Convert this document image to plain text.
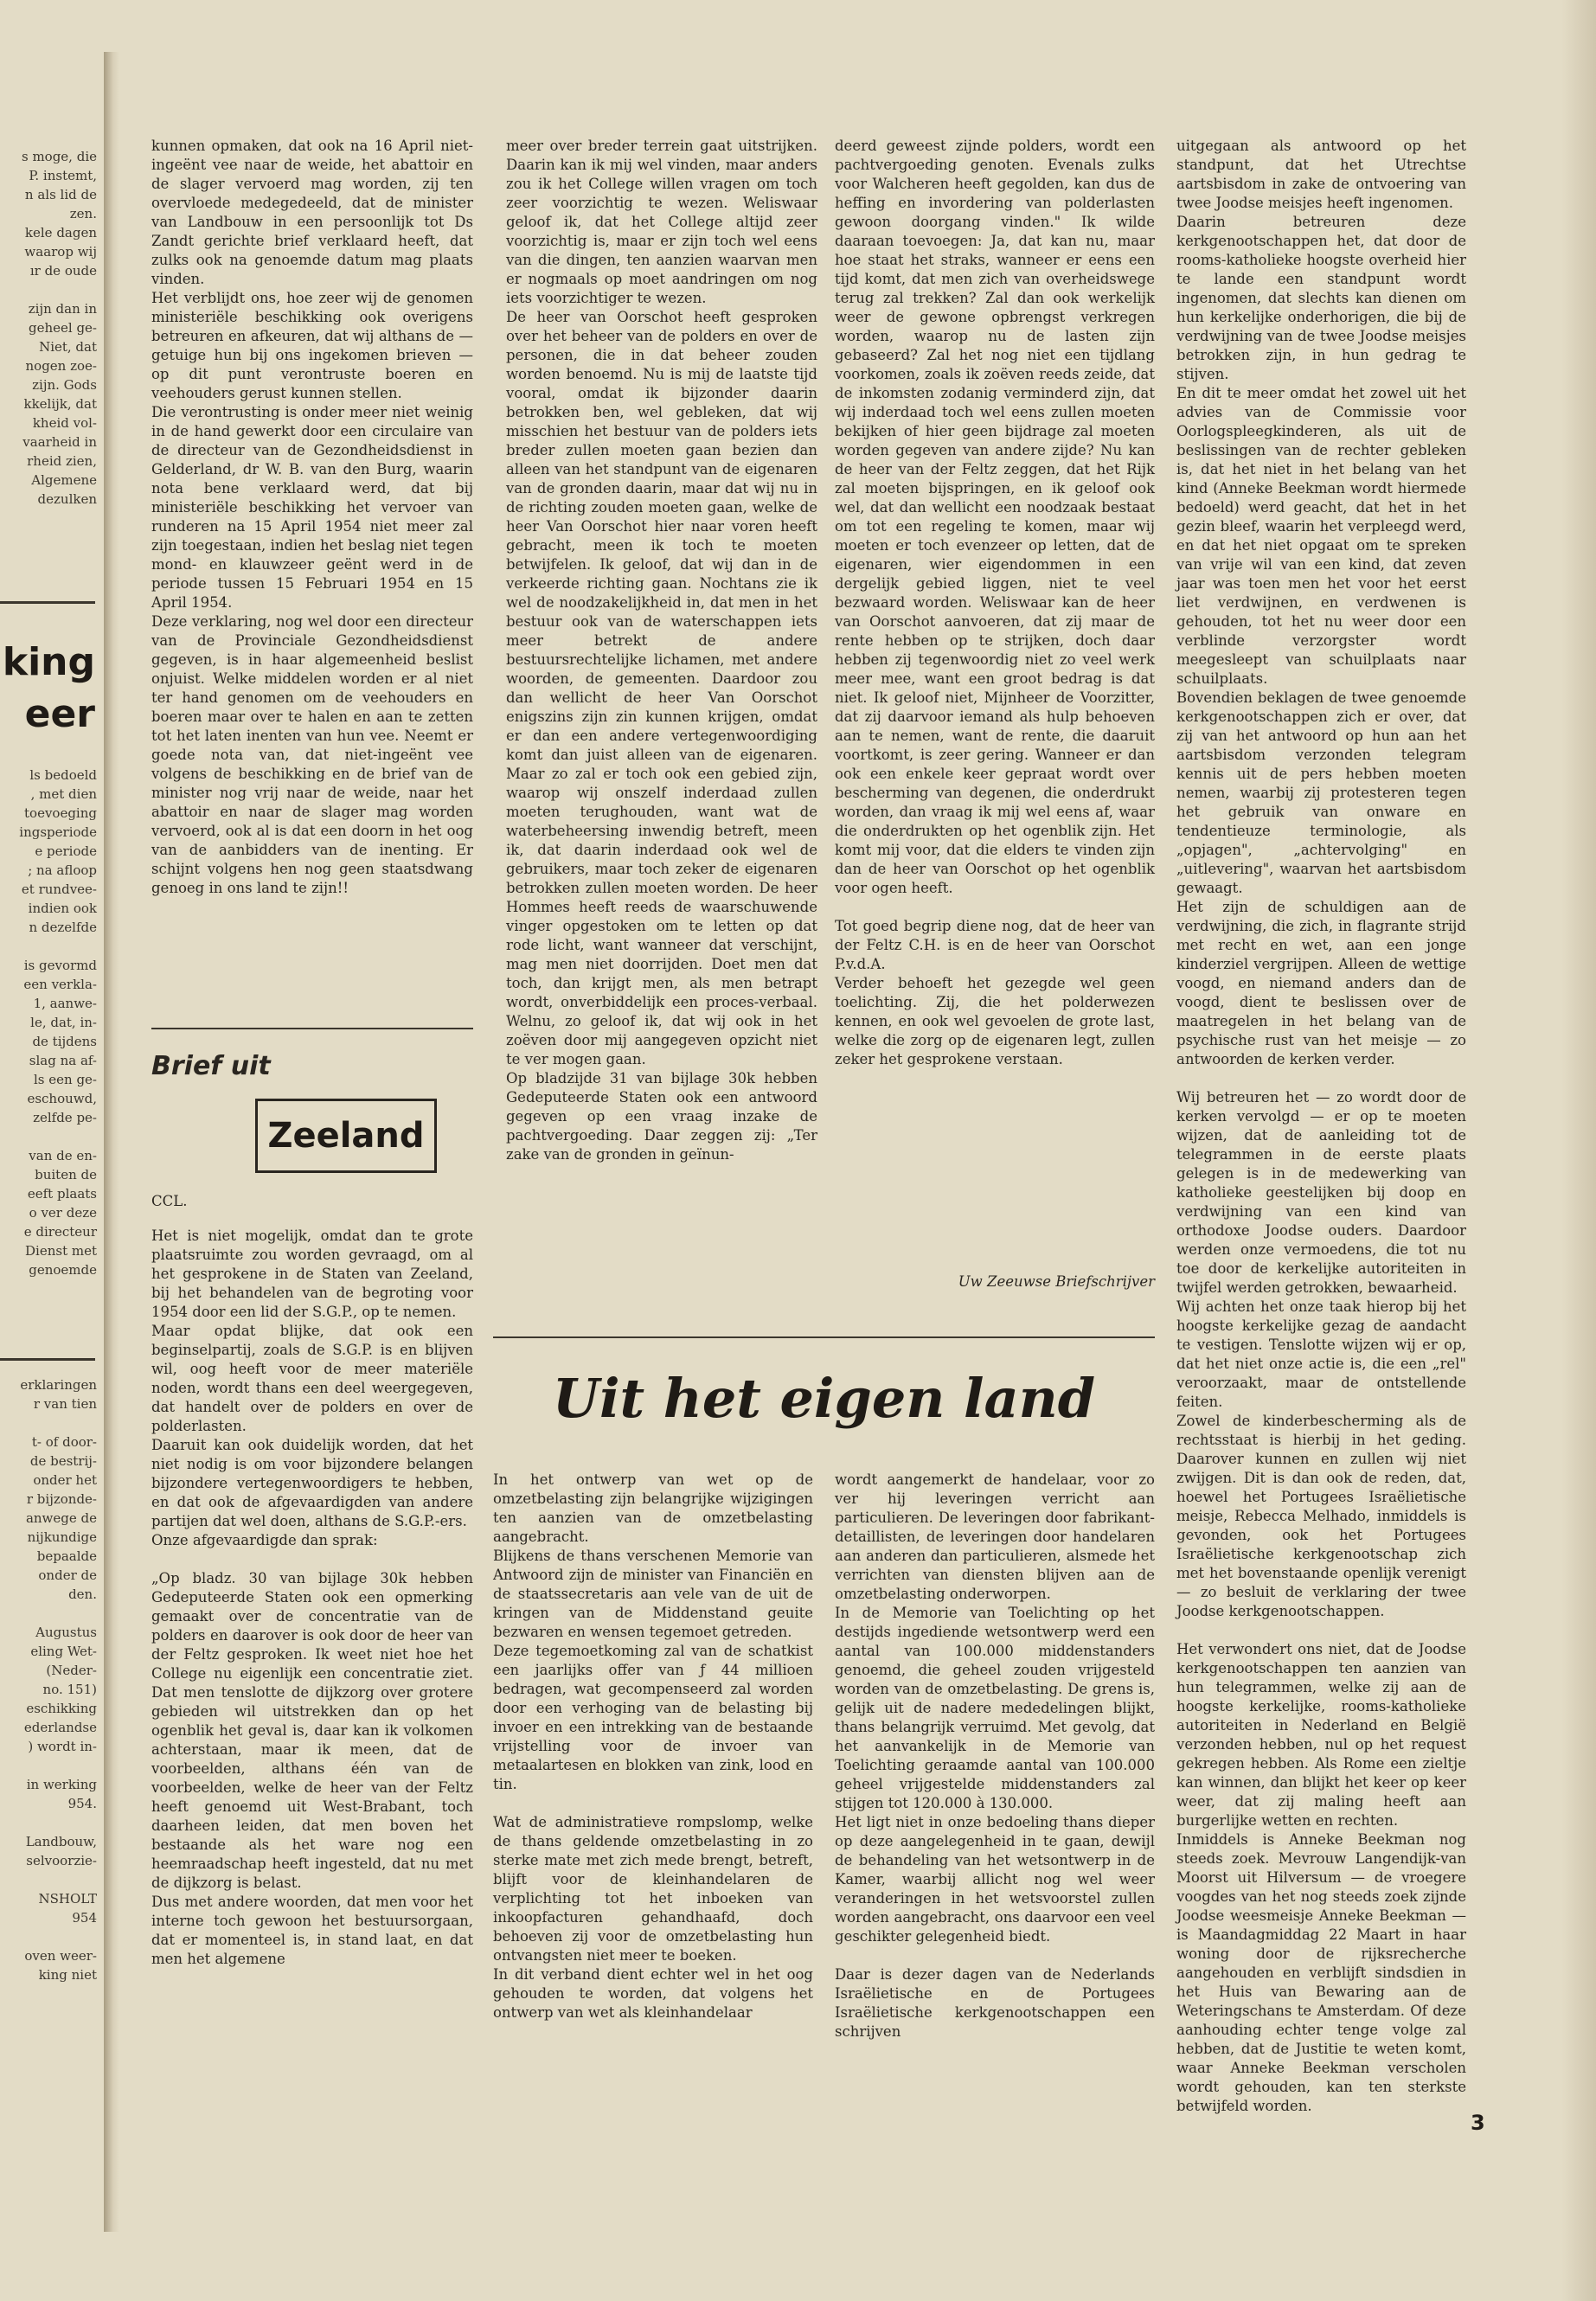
s moge, die
P. instemt,
n als lid de
zen.
kele dagen
waarop wij
ır de oude

zijn dan in
geheel ge-
Niet, dat
nogen zoe-
zijn. Gods
kkelijk, dat
kheid vol-
vaarheid in
rheid zien,
Algemene
dezulken

king
eer

ls bedoeld
, met dien
toevoeging
ingsperiode
e periode
; na afloop
et rundvee-
indien ook
n dezelfde

is gevormd
een verkla-
1, aanwe-
le, dat, in-
de tijdens
slag na af-
ls een ge-
eschouwd,
zelfde pe-

van de en-
buiten de
eeft plaats
o ver deze
e directeur
Dienst met
genoemde

erklaringen
r van tien

t- of door-
de bestrij-
onder het
r bijzonde-
anwege de
nijkundige
bepaalde
onder de
den.

Augustus
eling Wet-
(Neder-
no. 151)
eschikking
ederlandse
) wordt in-

in werking
954.

Landbouw,
selvoorzie-

NSHOLT
954

oven weer-
king niet

kunnen opmaken, dat ook na 16 April niet-ingeënt vee naar de weide, het abattoir en de slager vervoerd mag worden, zij ten overvloede medegedeeld, dat de minister van Landbouw in een persoonlijk tot Ds Zandt gerichte brief verklaard heeft, dat zulks ook na genoemde datum mag plaats vinden.
Het verblijdt ons, hoe zeer wij de genomen ministeriële beschikking ook overigens betreuren en afkeuren, dat wij althans de — getuige hun bij ons ingekomen brieven — op dit punt verontruste boeren en veehouders gerust kunnen stellen.
Die verontrusting is onder meer niet weinig in de hand gewerkt door een circulaire van de directeur van de Gezondheidsdienst in Gelderland, dr W. B. van den Burg, waarin nota bene verklaard werd, dat bij ministeriële beschikking het vervoer van runderen na 15 April 1954 niet meer zal zijn toegestaan, indien het beslag niet tegen mond- en klauwzeer geënt werd in de periode tussen 15 Februari 1954 en 15 April 1954.
Deze verklaring, nog wel door een directeur van de Provinciale Gezondheidsdienst gegeven, is in haar algemeenheid beslist onjuist. Welke middelen worden er al niet ter hand genomen om de veehouders en boeren maar over te halen en aan te zetten tot het laten inenten van hun vee. Neemt er goede nota van, dat niet-ingeënt vee volgens de beschikking en de brief van de minister nog vrij naar de weide, naar het abattoir en naar de slager mag worden vervoerd, ook al is dat een doorn in het oog van de aanbidders van de inenting. Er schijnt volgens hen nog geen staatsdwang genoeg in ons land te zijn!!

Brief uit
Zeeland

CCL.

Het is niet mogelijk, omdat dan te grote plaatsruimte zou worden gevraagd, om al het gesprokene in de Staten van Zeeland, bij het behandelen van de begroting voor 1954 door een lid der S.G.P., op te nemen.
Maar opdat blijke, dat ook een beginselpartij, zoals de S.G.P. is en blijven wil, oog heeft voor de meer materiële noden, wordt thans een deel weergegeven, dat handelt over de polders en over de polderlasten.
Daaruit kan ook duidelijk worden, dat het niet nodig is om voor bijzondere belangen bijzondere vertegenwoordigers te hebben, en dat ook de afgevaardigden van andere partijen dat wel doen, althans de S.G.P.-ers.
Onze afgevaardigde dan sprak:

„Op bladz. 30 van bijlage 30k hebben Gedeputeerde Staten ook een opmerking gemaakt over de concentratie van de polders en daarover is ook door de heer van der Feltz gesproken. Ik weet niet hoe het College nu eigenlijk een concentratie ziet. Dat men tenslotte de dijkzorg over grotere gebieden wil uitstrekken dan op het ogenblik het geval is, daar kan ik volkomen achterstaan, maar ik meen, dat de voorbeelden, althans één van de voorbeelden, welke de heer van der Feltz heeft genoemd uit West-Brabant, toch daarheen leiden, dat men boven het bestaande als het ware nog een heemraadschap heeft ingesteld, dat nu met de dijkzorg is belast.
Dus met andere woorden, dat men voor het interne toch gewoon het bestuursorgaan, dat er momenteel is, in stand laat, en dat men het algemene

meer over breder terrein gaat uitstrijken. Daarin kan ik mij wel vinden, maar anders zou ik het College willen vragen om toch zeer voorzichtig te wezen. Weliswaar geloof ik, dat het College altijd zeer voorzichtig is, maar er zijn toch wel eens van die dingen, ten aanzien waarvan men er nogmaals op moet aandringen om nog iets voorzichtiger te wezen.
De heer van Oorschot heeft gesproken over het beheer van de polders en over de personen, die in dat beheer zouden worden benoemd. Nu is mij de laatste tijd vooral, omdat ik bijzonder daarin betrokken ben, wel gebleken, dat wij misschien het bestuur van de polders iets breder zullen moeten gaan bezien dan alleen van het standpunt van de eigenaren van de gronden daarin, maar dat wij nu in de richting zouden moeten gaan, welke de heer Van Oorschot hier naar voren heeft gebracht, meen ik toch te moeten betwijfelen. Ik geloof, dat wij dan in de verkeerde richting gaan. Nochtans zie ik wel de noodzakelijkheid in, dat men in het bestuur ook van de waterschappen iets meer betrekt de andere bestuursrechtelijke lichamen, met andere woorden, de gemeenten. Daardoor zou dan wellicht de heer Van Oorschot enigszins zijn zin kunnen krijgen, omdat er dan een andere vertegenwoordiging komt dan juist alleen van de eigenaren. Maar zo zal er toch ook een gebied zijn, waarop wij onszelf inderdaad zullen moeten terughouden, want wat de waterbeheersing inwendig betreft, meen ik, dat daarin inderdaad ook wel de gebruikers, maar toch zeker de eigenaren betrokken zullen moeten worden. De heer Hommes heeft reeds de waarschuwende vinger opgestoken om te letten op dat rode licht, want wanneer dat verschijnt, mag men niet doorrijden. Doet men dat toch, dan krijgt men, als men betrapt wordt, onverbiddelijk een proces-verbaal. Welnu, zo geloof ik, dat wij ook in het zoëven door mij aangegeven opzicht niet te ver mogen gaan.
Op bladzijde 31 van bijlage 30k hebben Gedeputeerde Staten ook een antwoord gegeven op een vraag inzake de pachtvergoeding. Daar zeggen zij: „Ter zake van de gronden in geïnun-

deerd geweest zijnde polders, wordt een pachtvergoeding genoten. Evenals zulks voor Walcheren heeft gegolden, kan dus de heffing en invordering van polderlasten gewoon doorgang vinden." Ik wilde daaraan toevoegen: Ja, dat kan nu, maar hoe staat het straks, wanneer er eens een tijd komt, dat men zich van overheidswege terug zal trekken? Zal dan ook werkelijk weer de gewone opbrengst verkregen worden, waarop nu de lasten zijn gebaseerd? Zal het nog niet een tijdlang voorkomen, zoals ik zoëven reeds zeide, dat de inkomsten zodanig verminderd zijn, dat wij inderdaad toch wel eens zullen moeten bekijken of hier geen bijdrage zal moeten worden gegeven van andere zijde? Nu kan de heer van der Feltz zeggen, dat het Rijk zal moeten bijspringen, en ik geloof ook wel, dat dan wellicht een noodzaak bestaat om tot een regeling te komen, maar wij moeten er toch evenzeer op letten, dat de eigenaren, wier eigendommen in een dergelijk gebied liggen, niet te veel bezwaard worden. Weliswaar kan de heer van Oorschot aanvoeren, dat zij maar de rente hebben op te strijken, doch daar hebben zij tegenwoordig niet zo veel werk meer mee, want een groot bedrag is dat niet. Ik geloof niet, Mijnheer de Voorzitter, dat zij daarvoor iemand als hulp behoeven aan te nemen, want de rente, die daaruit voortkomt, is zeer gering. Wanneer er dan ook een enkele keer gepraat wordt over bescherming van degenen, die onderdrukt worden, dan vraag ik mij wel eens af, waar die onderdrukten op het ogenblik zijn. Het komt mij voor, dat die elders te vinden zijn dan de heer van Oorschot op het ogenblik voor ogen heeft.

Tot goed begrip diene nog, dat de heer van der Feltz C.H. is en de heer van Oorschot P.v.d.A.
Verder behoeft het gezegde wel geen toelichting. Zij, die het polderwezen kennen, en ook wel gevoelen de grote last, welke die zorg op de eigenaren legt, zullen zeker het gesprokene verstaan.

Uw Zeeuwse Briefschrijver

uitgegaan als antwoord op het standpunt, dat het Utrechtse aartsbisdom in zake de ontvoering van twee Joodse meisjes heeft ingenomen.
Daarin betreuren deze kerkgenootschappen het, dat door de rooms-katholieke hoogste overheid hier te lande een standpunt wordt ingenomen, dat slechts kan dienen om hun kerkelijke onderhorigen, die bij de verdwijning van de twee Joodse meisjes betrokken zijn, in hun gedrag te stijven.
En dit te meer omdat het zowel uit het advies van de Commissie voor Oorlogspleegkinderen, als uit de beslissingen van de rechter gebleken is, dat het niet in het belang van het kind (Anneke Beekman wordt hiermede bedoeld) werd geacht, dat het in het gezin bleef, waarin het verpleegd werd, en dat het niet opgaat om te spreken van vrije wil van een kind, dat zeven jaar was toen men het voor het eerst liet verdwijnen, en verdwenen is gehouden, tot het nu weer door een verblinde verzorgster wordt meegesleept van schuilplaats naar schuilplaats.
Bovendien beklagen de twee genoemde kerkgenootschappen zich er over, dat zij van het antwoord op hun aan het aartsbisdom verzonden telegram kennis uit de pers hebben moeten nemen, waarbij zij protesteren tegen het gebruik van onware en tendentieuze terminologie, als „opjagen", „achtervolging" en „uitlevering", waarvan het aartsbisdom gewaagt.
Het zijn de schuldigen aan de verdwijning, die zich, in flagrante strijd met recht en wet, aan een jonge kinderziel vergrijpen. Alleen de wettige voogd, en niemand anders dan de voogd, dient te beslissen over de maatregelen in het belang van de psychische rust van het meisje — zo antwoorden de kerken verder.

Wij betreuren het — zo wordt door de kerken vervolgd — er op te moeten wijzen, dat de aanleiding tot de telegrammen in de eerste plaats gelegen is in de medewerking van katholieke geestelijken bij doop en verdwijning van een kind van orthodoxe Joodse ouders. Daardoor werden onze vermoedens, die tot nu toe door de kerkelijke autoriteiten in twijfel werden getrokken, bewaarheid.
Wij achten het onze taak hierop bij het hoogste kerkelijke gezag de aandacht te vestigen. Tenslotte wijzen wij er op, dat het niet onze actie is, die een „rel" veroorzaakt, maar de ontstellende feiten.
Zowel de kinderbescherming als de rechtsstaat is hierbij in het geding. Daarover kunnen en zullen wij niet zwijgen. Dit is dan ook de reden, dat, hoewel het Portugees Israëlietische meisje, Rebecca Melhado, inmiddels is gevonden, ook het Portugees Israëlietische kerkgenootschap zich met het bovenstaande openlijk verenigt — zo besluit de verklaring der twee Joodse kerkgenootschappen.

Het verwondert ons niet, dat de Joodse kerkgenootschappen ten aanzien van hun telegrammen, welke zij aan de hoogste kerkelijke, rooms-katholieke autoriteiten in Nederland en België verzonden hebben, nul op het request gekregen hebben. Als Rome een zieltje kan winnen, dan blijkt het keer op keer weer, dat zij maling heeft aan burgerlijke wetten en rechten.
Inmiddels is Anneke Beekman nog steeds zoek. Mevrouw Langendijk-van Moorst uit Hilversum — de vroegere voogdes van het nog steeds zoek zijnde Joodse weesmeisje Anneke Beekman — is Maandagmiddag 22 Maart in haar woning door de rijksrecherche aangehouden en verblijft sindsdien in het Huis van Bewaring aan de Weteringschans te Amsterdam. Of deze aanhouding echter tenge volge zal hebben, dat de Justitie te weten komt, waar Anneke Beekman verscholen wordt gehouden, kan ten sterkste betwijfeld worden.

Uit het eigen land

In het ontwerp van wet op de omzetbelasting zijn belangrijke wijzigingen ten aanzien van de omzetbelasting aangebracht.
Blijkens de thans verschenen Memorie van Antwoord zijn de minister van Financiën en de staatssecretaris aan vele van de uit de kringen van de Middenstand geuite bezwaren en wensen tegemoet getreden.
Deze tegemoetkoming zal van de schatkist een jaarlijks offer van ƒ 44 millioen bedragen, wat gecompenseerd zal worden door een verhoging van de belasting bij invoer en een intrekking van de bestaande vrijstelling voor de invoer van metaalartesen en blokken van zink, lood en tin.

Wat de administratieve rompslomp, welke de thans geldende omzetbelasting in zo sterke mate met zich mede brengt, betreft, blijft voor de kleinhandelaren de verplichting tot het inboeken van inkoopfacturen gehandhaafd, doch behoeven zij voor de omzetbelasting hun ontvangsten niet meer te boeken.
In dit verband dient echter wel in het oog gehouden te worden, dat volgens het ontwerp van wet als kleinhandelaar

wordt aangemerkt de handelaar, voor zo ver hij leveringen verricht aan particulieren. De leveringen door fabrikant-detaillisten, de leveringen door handelaren aan anderen dan particulieren, alsmede het verrichten van diensten blijven aan de omzetbelasting onderworpen.
In de Memorie van Toelichting op het destijds ingediende wetsontwerp werd een aantal van 100.000 middenstanders genoemd, die geheel zouden vrijgesteld worden van de omzetbelasting. De grens is, gelijk uit de nadere mededelingen blijkt, thans belangrijk verruimd. Met gevolg, dat het aanvankelijk in de Memorie van Toelichting geraamde aantal van 100.000 geheel vrijgestelde middenstanders zal stijgen tot 120.000 à 130.000.
Het ligt niet in onze bedoeling thans dieper op deze aangelegenheid in te gaan, dewijl de behandeling van het wetsontwerp in de Kamer, waarbij allicht nog wel weer veranderingen in het wetsvoorstel zullen worden aangebracht, ons daarvoor een veel geschikter gelegenheid biedt.

Daar is dezer dagen van de Nederlands Israëlietische en de Portugees Israëlietische kerkgenootschappen een schrijven

3
